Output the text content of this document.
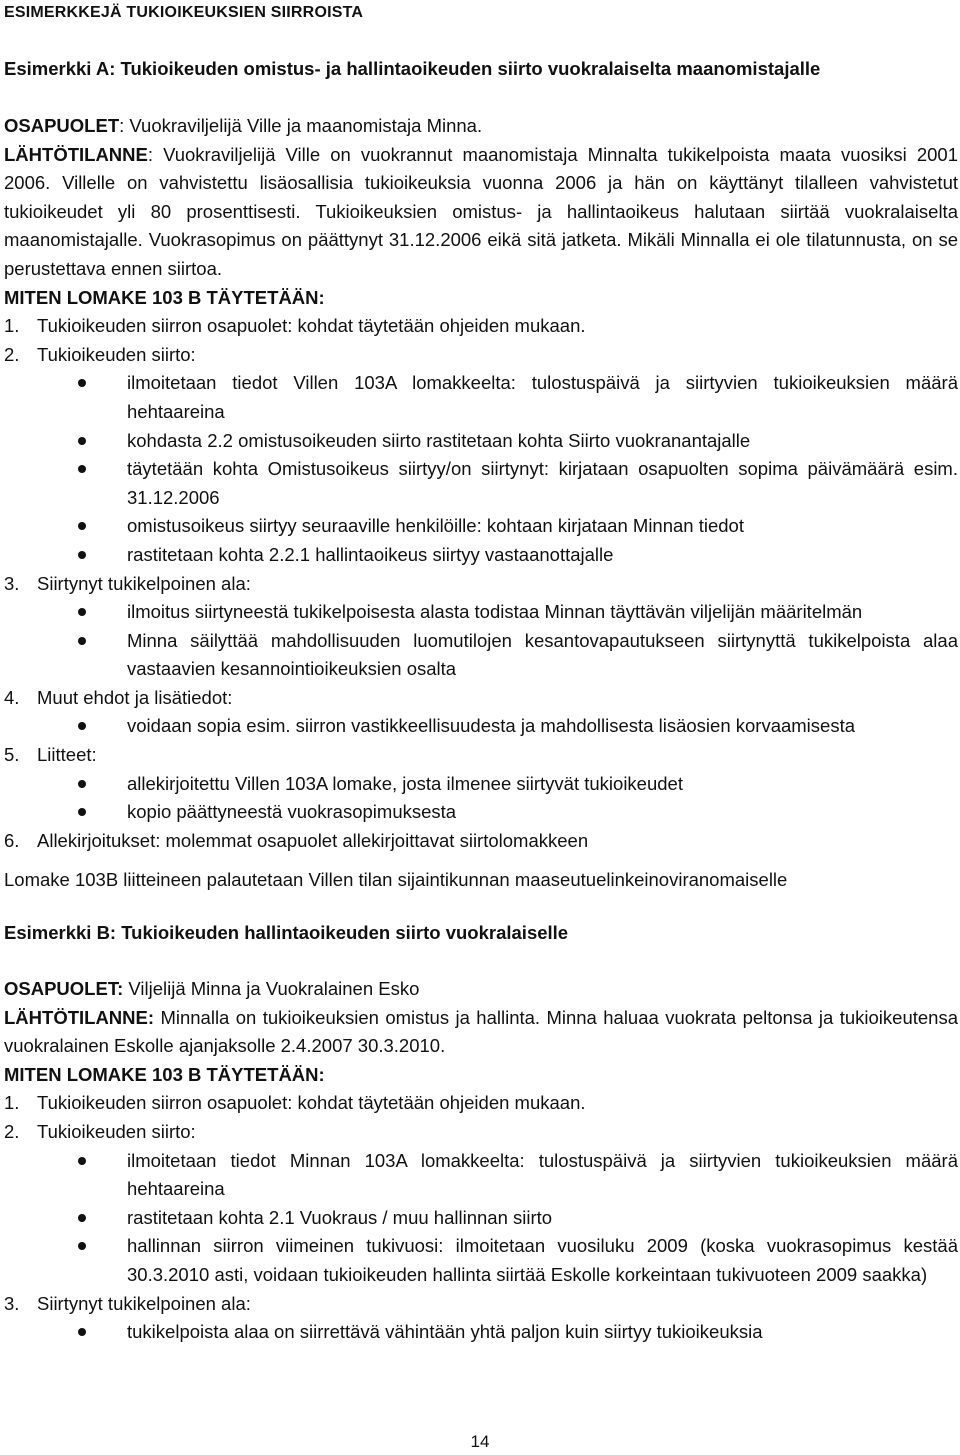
ESIMERKKEJÄ TUKIOIKEUKSIEN SIIRROISTA
Esimerkki A: Tukioikeuden omistus- ja hallintaoikeuden siirto vuokralaiselta maanomistajalle

OSAPUOLET: Vuokraviljelijä Ville ja maanomistaja Minna.

LÄHTÖTILANNE: Vuokraviljelijä Ville on vuokrannut maanomistaja Minnalta tukikelpoista maata vuosiksi 2001 2006. Villelle on vahvistettu lisäosallisia tukioikeuksia vuonna 2006 ja hän on käyttänyt tilalleen vahvistetut tukioikeudet yli 80 prosenttisesti. Tukioikeuksien omistus- ja hallintaoikeus halutaan siirtää vuokralaiselta maanomistajalle. Vuokrasopimus on päättynyt 31.12.2006 eikä sitä jatketa. Mikäli Minnalla ei ole tilatunnusta, on se perustettava ennen siirtoa.

MITEN LOMAKE 103 B TÄYTETÄÄN:

1. Tukioikeuden siirron osapuolet: kohdat täytetään ohjeiden mukaan.

2. Tukioikeuden siirto:

ilmoitetaan tiedot Villen 103A lomakkeelta: tulostuspäivä ja siirtyvien tukioikeuksien määrä hehtaareina
kohdasta 2.2 omistusoikeuden siirto rastitetaan kohta Siirto vuokranantajalle
täytetään kohta Omistusoikeus siirtyy/on siirtynyt: kirjataan osapuolten sopima päivämäärä esim. 31.12.2006
omistusoikeus siirtyy seuraaville henkilöille: kohtaan kirjataan Minnan tiedot
rastitetaan kohta 2.2.1 hallintaoikeus siirtyy vastaanottajalle

3. Siirtynyt tukikelpoinen ala:

ilmoitus siirtyneestä tukikelpoisesta alasta todistaa Minnan täyttävän viljelijän määritelmän
Minna säilyttää mahdollisuuden luomutilojen kesantovapautukseen siirtynyttä tukikelpoista alaa vastaavien kesannointioikeuksien osalta

4. Muut ehdot ja lisätiedot:

voidaan sopia esim. siirron vastikkeellisuudesta ja mahdollisesta lisäosien korvaamisesta

5. Liitteet:

allekirjoitettu Villen 103A lomake, josta ilmenee siirtyvät tukioikeudet
kopio päättyneestä vuokrasopimuksesta

6. Allekirjoitukset: molemmat osapuolet allekirjoittavat siirtolomakkeen

Lomake 103B liitteineen palautetaan Villen tilan sijaintikunnan maaseutuelinkeinoviranomaiselle
Esimerkki B: Tukioikeuden hallintaoikeuden siirto vuokralaiselle

OSAPUOLET: Viljelijä Minna ja Vuokralainen Esko

LÄHTÖTILANNE: Minnalla on tukioikeuksien omistus ja hallinta. Minna haluaa vuokrata peltonsa ja tukioikeutensa vuokralainen Eskolle ajanjaksolle 2.4.2007 30.3.2010.

MITEN LOMAKE 103 B TÄYTETÄÄN:

1. Tukioikeuden siirron osapuolet: kohdat täytetään ohjeiden mukaan.

2. Tukioikeuden siirto:

ilmoitetaan tiedot Minnan 103A lomakkeelta: tulostuspäivä ja siirtyvien tukioikeuksien määrä hehtaareina
rastitetaan kohta 2.1 Vuokraus / muu hallinnan siirto
hallinnan siirron viimeinen tukivuosi: ilmoitetaan vuosiluku 2009 (koska vuokrasopimus kestää 30.3.2010 asti, voidaan tukioikeuden hallinta siirtää Eskolle korkeintaan tukivuoteen 2009 saakka)

3. Siirtynyt tukikelpoinen ala:

tukikelpoista alaa on siirrettävä vähintään yhtä paljon kuin siirtyy tukioikeuksia
14
